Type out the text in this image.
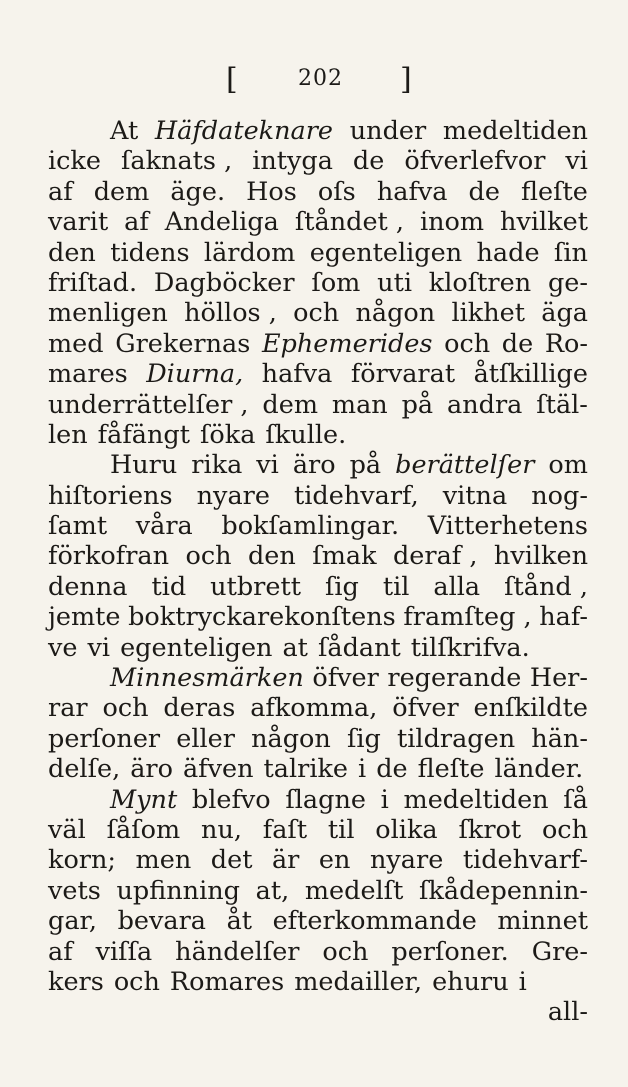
[	202 ]
At Häfdateknare under medeltiden
icke ſaknats , intyga de öfverlefvor vi
af dem äge. Hos oſs hafva de fleſte
varit af Andeliga ſtåndet , inom hvilket
den tidens lärdom egenteligen hade ſin
friſtad. Dagböcker ſom uti kloſtren ge-
menligen höllos , och någon likhet äga
med Grekernas Ephemerides och de Ro-
mares Diurna, hafva förvarat åtſkillige
underrättelſer , dem man på andra ſtäl-
len fåfängt ſöka ſkulle.
Huru rika vi äro på berättelſer om
hiſtoriens nyare tidehvarf, vitna nog-
ſamt våra bokſamlingar. Vitterhetens
förkofran och den ſmak deraf , hvilken
denna tid utbrett ſig til alla ſtånd ,
jemte boktryckarekonſtens framſteg , haf-
ve vi egenteligen at ſådant tilſkrifva.
Minnesmärken öfver regerande Her-
rar och deras afkomma, öfver enſkildte
perſoner eller någon ſig tildragen hän-
delſe, äro äfven talrike i de fleſte länder.
Mynt blefvo ſlagne i medeltiden ſå
väl ſåſom nu, faſt til olika ſkrot och
korn; men det är en nyare tidehvarf-
vets upfinning at, medelſt ſkådepennin-
gar, bevara åt efterkommande minnet
af viſſa händelſer och perſoner. Gre-
kers och Romares medailler, ehuru i
all-
